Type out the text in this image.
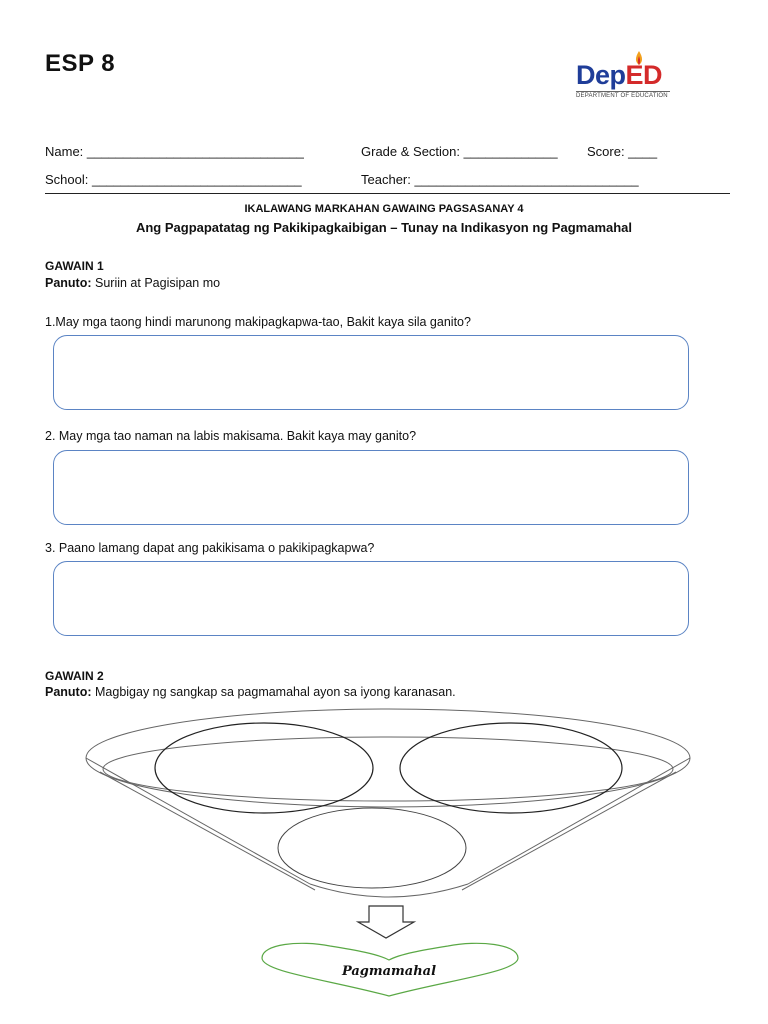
ESP 8	DepED
DEPARTMENT OF EDUCATION
Name: ______________________________	Grade & Section: _____________ Score: ____
School: _____________________________	Teacher: _______________________________
IKALAWANG MARKAHAN GAWAING PAGSASANAY 4
Ang Pagpapatatag ng Pakikipagkaibigan – Tunay na Indikasyon ng Pagmamahal
GAWAIN 1
Panuto: Suriin at Pagisipan mo
1.May mga taong hindi marunong makipagkapwa-tao, Bakit kaya sila ganito?
2. May mga tao naman na labis makisama. Bakit kaya may ganito?
3. Paano lamang dapat ang pakikisama o pakikipagkapwa?
GAWAIN 2
Panuto: Magbigay ng sangkap sa pagmamahal ayon sa iyong karanasan.
Pagmamahal
